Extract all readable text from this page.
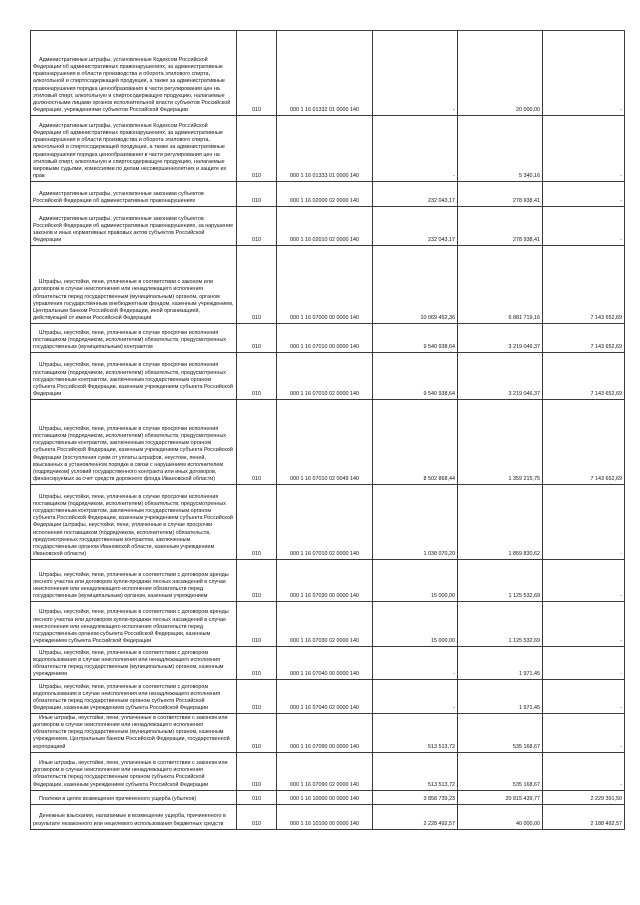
Административные штрафы, установленные Кодексом Российской Федерации об административных правонарушениях, за административные правонарушения в области производства и оборота этилового спирта, алкогольной и спиртосодержащей продукции, а также за административные правонарушения порядка ценообразования в части регулирования цен на этиловый спирт, алкогольную и спиртосодержащую продукцию, налагаемые должностными лицами органов исполнительной власти субъектов Российской Федерации, учреждениями субъектов Российской Федерации	010	000 1 16 01332 01 0000 140	-	20 000,00	-

Административные штрафы, установленные Кодексом Российской Федерации об административных правонарушениях, за административные правонарушения в области производства и оборота этилового спирта, алкогольной и спиртосодержащей продукции, а также за административные правонарушения порядка ценообразования в части регулирования цен на этиловый спирт, алкогольную и спиртосодержащую продукцию, налагаемые мировыми судьями, комиссиями по делам несовершеннолетних и защите их прав	010	000 1 16 01333 01 0000 140	-	5 340,16	-

Административные штрафы, установленные законами субъектов Российской Федерации об административных правонарушениях	010	000 1 16 02000 02 0000 140	232 043,17	278 938,41	-

Административные штрафы, установленные законами субъектов Российской Федерации об административных правонарушениях, за нарушение законов и иных нормативных правовых актов субъектов Российской Федерации	010	000 1 16 02010 02 0000 140	232 043,17	278 938,41	-

Штрафы, неустойки, пени, уплаченные в соответствии с законом или договором в случае неисполнения или ненадлежащего исполнения обязательств перед государственным (муниципальным) органом, органом управления государственным внебюджетным фондом, казенным учреждением, Центральным банком Российской Федерации, иной организацией, действующей от имени Российской Федерации	010	000 1 16 07000 00 0000 140	10 069 452,36	6 881 719,16	7 143 652,69

Штрафы, неустойки, пени, уплаченные в случае просрочки исполнения поставщиком (подрядчиком, исполнителем) обязательств, предусмотренных государственным (муниципальным) контрактом	010	000 1 16 07010 00 0000 140	9 540 938,64	3 219 046,37	7 143 652,69

Штрафы, неустойки, пени, уплаченные в случае просрочки исполнения поставщиком (подрядчиком, исполнителем) обязательств, предусмотренных государственным контрактом, заключенным государственным органом субъекта Российской Федерации, казенным учреждением субъекта Российской Федерации	010	000 1 16 07010 02 0000 140	9 540 938,64	3 219 046,37	7 143 652,69

Штрафы, неустойки, пени, уплаченные в случае просрочки исполнения поставщиком (подрядчиком, исполнителем) обязательств, предусмотренных государственным контрактом, заключенным государственным органом субъекта Российской Федерации, казенным учреждением субъекта Российской Федерации (поступления сумм от уплаты штрафов, неустоек, пеней, взысканных в установленном порядке в связи с нарушением исполнителем (подрядчиком) условий государственного контракта или иных договоров, финансируемых за счет средств дорожного фонда Ивановской области)	010	000 1 16 07010 02 0049 140	8 502 868,44	1 359 215,75	7 143 652,69

Штрафы, неустойки, пени, уплаченные в случае просрочки исполнения поставщиком (подрядчиком, исполнителем) обязательств, предусмотренных государственным контрактом, заключенным государственным органом субъекта Российской Федерации, казенным учреждением субъекта Российской Федерации (штрафы, неустойки, пени, уплаченные в случае просрочки исполнения поставщиком (подрядчиком, исполнителем) обязательств, предусмотренных государственным контрактом, заключенным государственным органом Ивановской области, казенным учреждением Ивановской области)	010	000 1 16 07010 02 0000 140	1 038 070,20	1 859 830,62	-

Штрафы, неустойки, пени, уплаченные в соответствии с договором аренды лесного участка или договором купли-продажи лесных насаждений в случае неисполнения или ненадлежащего исполнения обязательств перед государственным (муниципальным) органом, казенным учреждением	010	000 1 16 07030 00 0000 140	15 000,00	1 125 532,69	-

Штрафы, неустойки, пени, уплаченные в соответствии с договором аренды лесного участка или договором купли-продажи лесных насаждений в случае неисполнения или ненадлежащего исполнения обязательств перед государственным органом субъекта Российской Федерации, казенным учреждением субъекта Российской Федерации	010	000 1 16 07030 02 0000 140	15 000,00	1 125 532,69	-

Штрафы, неустойки, пени, уплаченные в соответствии с договором водопользования в случае неисполнения или ненадлежащего исполнения обязательств перед государственным (муниципальным) органом, казенным учреждением	010	000 1 16 07040 00 0000 140	-	1 971,45	-

Штрафы, неустойки, пени, уплаченные в соответствии с договором водопользования в случае неисполнения или ненадлежащего исполнения обязательств перед государственным органом субъекта Российской Федерации, казенным учреждением субъекта Российской Федерации	010	000 1 16 07040 02 0000 140	-	1 971,45	-

Иные штрафы, неустойки, пени, уплаченные в соответствии с законом или договором в случае неисполнения или ненадлежащего исполнения обязательств перед государственным (муниципальным) органом, казенным учреждением, Центральным банком Российской Федерации, государственной корпорацией	010	000 1 16 07090 00 0000 140	513 513,72	535 168,67	-

Иные штрафы, неустойки, пени, уплаченные в соответствии с законом или договором в случае неисполнения или ненадлежащего исполнения обязательств перед государственным органом субъекта Российской Федерации, казенным учреждением субъекта Российской Федерации	010	000 1 16 07090 02 0000 140	513 513,72	535 168,67	-

Платежи в целях возмещения причиненного ущерба (убытков)	010	000 1 16 10000 00 0000 140	3 858 739,23	20 815 439,77	2 229 391,50

Денежные взыскания, налагаемые в возмещение ущерба, причиненного в результате незаконного или нецелевого использования бюджетных средств	010	000 1 16 10100 00 0000 140	2 228 492,57	40 000,00	2 188 492,57
